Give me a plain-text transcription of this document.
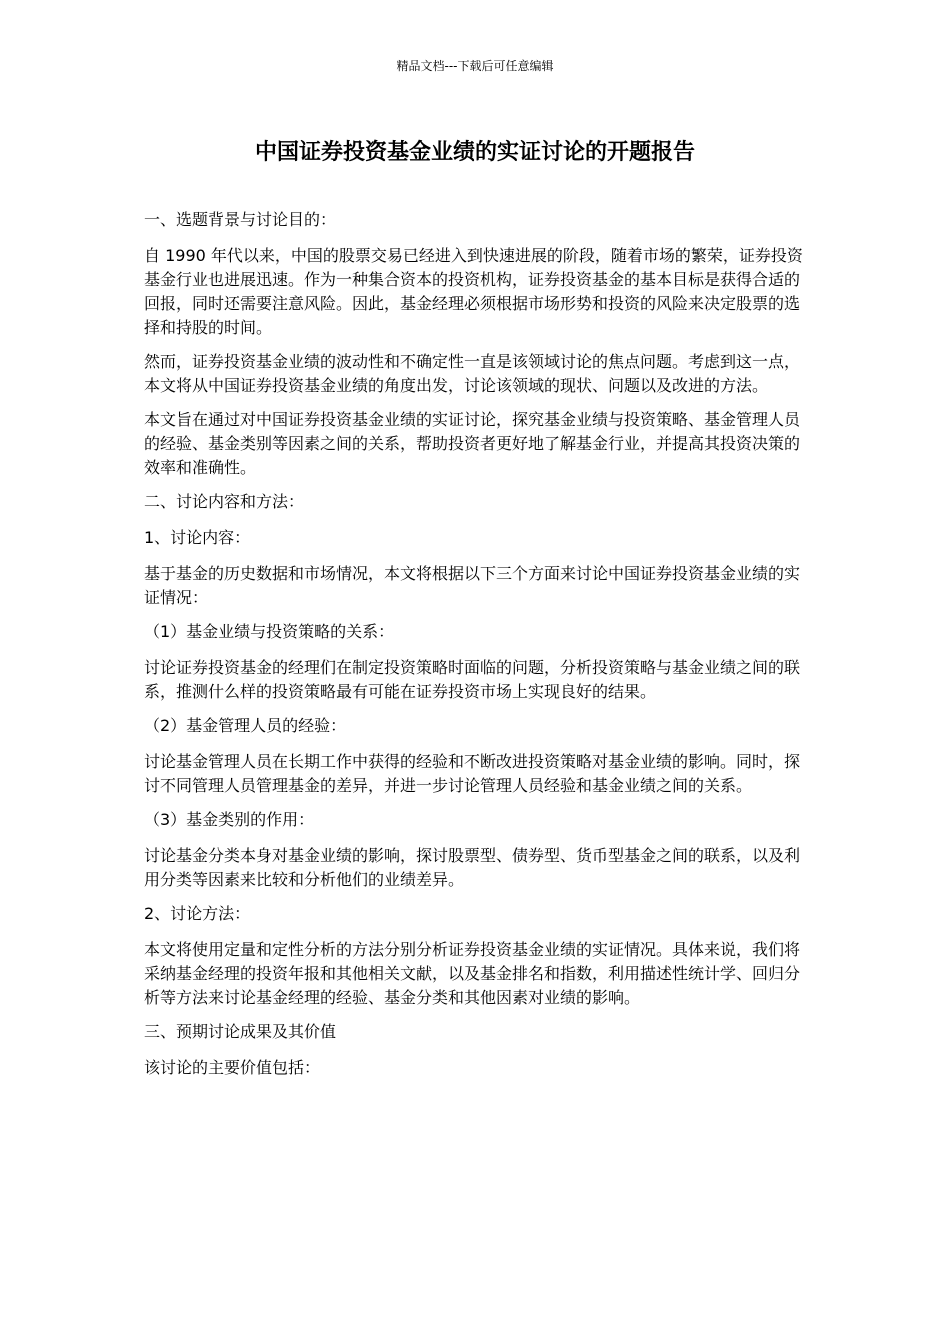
精品文档---下载后可任意编辑
中国证券投资基金业绩的实证讨论的开题报告

一、选题背景与讨论目的：

自 1990 年代以来，中国的股票交易已经进入到快速进展的阶段，随着市场的繁荣，证券投资基金行业也进展迅速。作为一种集合资本的投资机构，证券投资基金的基本目标是获得合适的回报，同时还需要注意风险。因此，基金经理必须根据市场形势和投资的风险来决定股票的选择和持股的时间。

然而，证券投资基金业绩的波动性和不确定性一直是该领域讨论的焦点问题。考虑到这一点，本文将从中国证券投资基金业绩的角度出发，讨论该领域的现状、问题以及改进的方法。

本文旨在通过对中国证券投资基金业绩的实证讨论，探究基金业绩与投资策略、基金管理人员的经验、基金类别等因素之间的关系，帮助投资者更好地了解基金行业，并提高其投资决策的效率和准确性。

二、讨论内容和方法：

1、讨论内容：

基于基金的历史数据和市场情况，本文将根据以下三个方面来讨论中国证券投资基金业绩的实证情况：

（1）基金业绩与投资策略的关系：

讨论证券投资基金的经理们在制定投资策略时面临的问题，分析投资策略与基金业绩之间的联系，推测什么样的投资策略最有可能在证券投资市场上实现良好的结果。

（2）基金管理人员的经验：

讨论基金管理人员在长期工作中获得的经验和不断改进投资策略对基金业绩的影响。同时，探讨不同管理人员管理基金的差异，并进一步讨论管理人员经验和基金业绩之间的关系。

（3）基金类别的作用：

讨论基金分类本身对基金业绩的影响，探讨股票型、债券型、货币型基金之间的联系，以及利用分类等因素来比较和分析他们的业绩差异。

2、讨论方法：

本文将使用定量和定性分析的方法分别分析证券投资基金业绩的实证情况。具体来说，我们将采纳基金经理的投资年报和其他相关文献，以及基金排名和指数，利用描述性统计学、回归分析等方法来讨论基金经理的经验、基金分类和其他因素对业绩的影响。

三、预期讨论成果及其价值

该讨论的主要价值包括：
